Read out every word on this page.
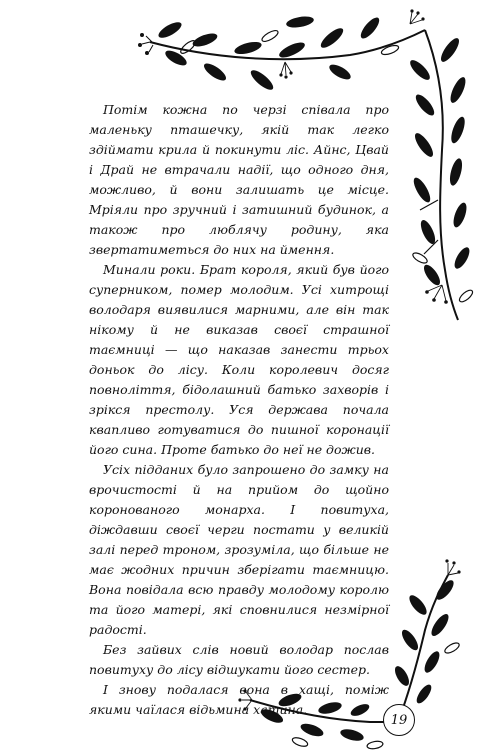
Потім кожна по черзі співала про маленьку пташечку, якій так легко здіймати крила й покинути ліс. Айнс, Цвай і Драй не втрачали надії, що одного дня, можливо, й вони залишать це місце. Мріяли про зручний і затишний будинок, а також про люблячу родину, яка звертатиметься до них на ймення.

Минали роки. Брат короля, який був його суперником, помер молодим. Усі хитрощі володаря виявилися марними, але він так нікому й не виказав своєї страшної таємниці — що наказав занести трьох доньок до лісу. Коли королевич досяг повноліття, бідолашний батько захворів і зрікся престолу. Уся держава почала квапливо готуватися до пишної коронації його сина. Проте батько до неї не дожив.

Усіх підданих було запрошено до замку на врочистості й на прийом до щойно коронованого монарха. І повитуха, діждавши своєї черги постати у великій залі перед троном, зрозуміла, що більше не має жодних причин зберігати таємницю. Вона повідала всю правду молодому королю та його матері, які сповнилися незмірної радості.

Без зайвих слів новий володар послав повитуху до лісу відшукати його сестер.

І знову подалася вона в хащі, поміж якими чаїлася відьмина хатина.

19
